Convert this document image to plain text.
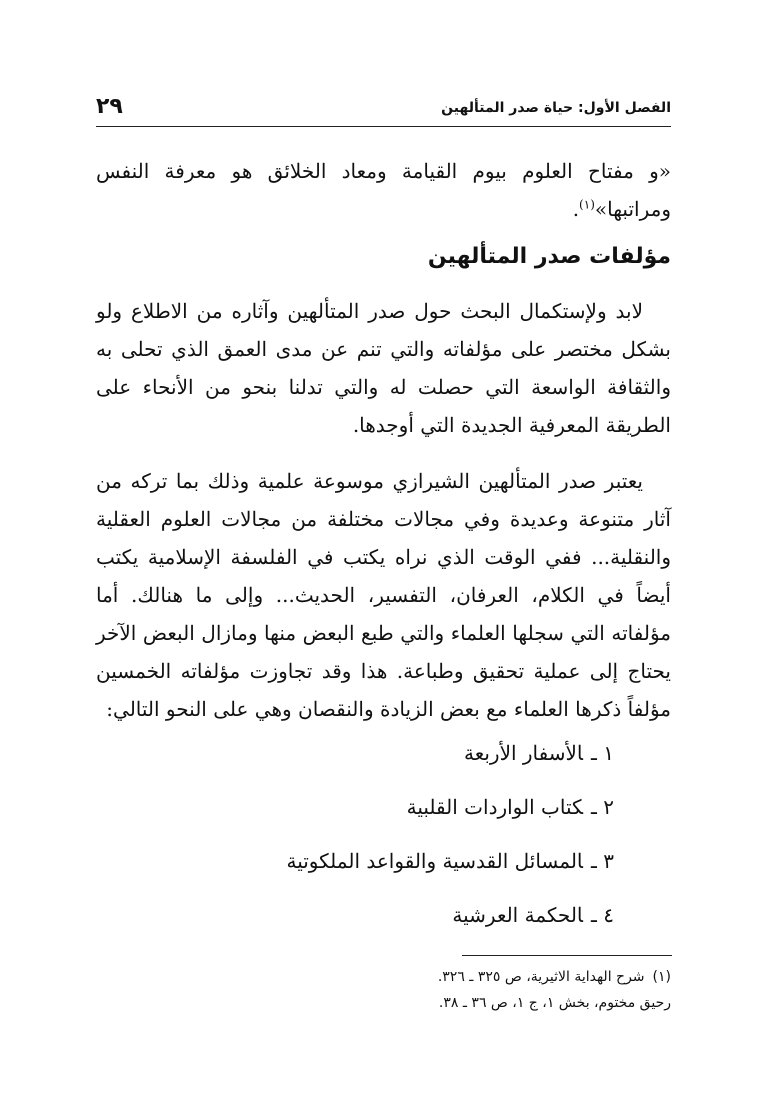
٢٩	الفصل الأول: حياة صدر المتألهين

«و مفتاح العلوم بيوم القيامة ومعاد الخلائق هو معرفة النفس ومراتبها»$^{(١)}$.

مؤلفات صدر المتألهين

لابد ولإستكمال البحث حول صدر المتألهين وآثاره من الاطلاع ولو بشكل مختصر على مؤلفاته والتي تنم عن مدى العمق الذي تحلى به والثقافة الواسعة التي حصلت له والتي تدلنا بنحو من الأنحاء على الطريقة المعرفية الجديدة التي أوجدها.

يعتبر صدر المتألهين الشيرازي موسوعة علمية وذلك بما تركه من آثار متنوعة وعديدة وفي مجالات مختلفة من مجالات العلوم العقلية والنقلية... ففي الوقت الذي نراه يكتب في الفلسفة الإسلامية يكتب أيضاً في الكلام، العرفان، التفسير، الحديث... وإلى ما هنالك. أما مؤلفاته التي سجلها العلماء والتي طبع البعض منها ومازال البعض الآخر يحتاج إلى عملية تحقيق وطباعة. هذا وقد تجاوزت مؤلفاته الخمسين مؤلفاً ذكرها العلماء مع بعض الزيادة والنقصان وهي على النحو التالي:

١ ـالأسفار الأربعة
٢ ـكتاب الواردات القلبية
٣ ـالمسائل القدسية والقواعد الملكوتية
٤ ـالحكمة العرشية
(١)شرح الهداية الاثيرية، ص ٣٢٥ ـ ٣٢٦.
رحيق مختوم، بخش ١، ج ١، ص ٣٦ ـ ٣٨.
